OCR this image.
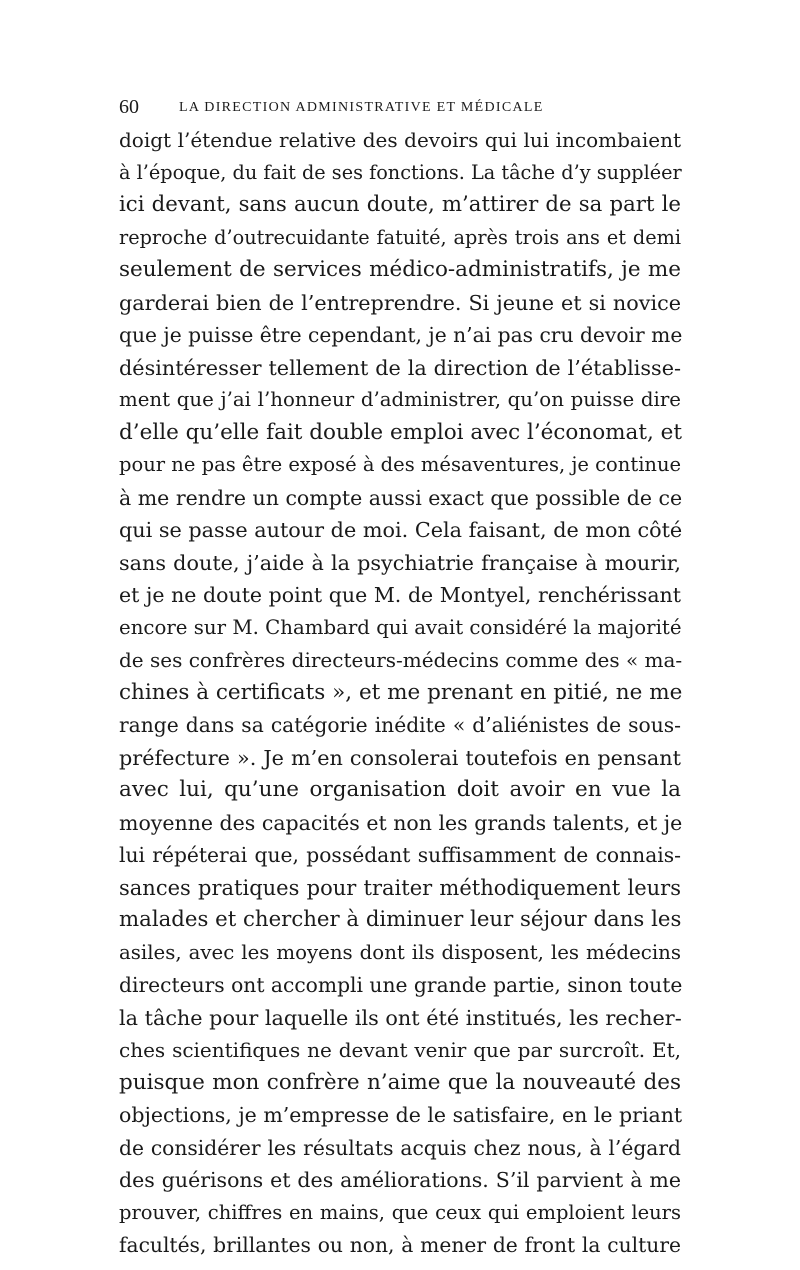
60	LA DIRECTION ADMINISTRATIVE ET MÉDICALE
doigt l’étendue relative des devoirs qui lui incombaient
à l’époque, du fait de ses fonctions. La tâche d’y suppléer
ici devant, sans aucun doute, m’attirer de sa part le
reproche d’outrecuidante fatuité, après trois ans et demi
seulement de services médico-administratifs, je me
garderai bien de l’entreprendre. Si jeune et si novice
que je puisse être cependant, je n’ai pas cru devoir me
désintéresser tellement de la direction de l’établisse-
ment que j’ai l’honneur d’administrer, qu’on puisse dire
d’elle qu’elle fait double emploi avec l’économat, et
pour ne pas être exposé à des mésaventures, je continue
à me rendre un compte aussi exact que possible de ce
qui se passe autour de moi. Cela faisant, de mon côté
sans doute, j’aide à la psychiatrie française à mourir,
et je ne doute point que M. de Montyel, renchérissant
encore sur M. Chambard qui avait considéré la majorité
de ses confrères directeurs-médecins comme des « ma-
chines à certificats », et me prenant en pitié, ne me
range dans sa catégorie inédite « d’aliénistes de sous-
préfecture ». Je m’en consolerai toutefois en pensant
avec lui, qu’une organisation doit avoir en vue la
moyenne des capacités et non les grands talents, et je
lui répéterai que, possédant suffisamment de connais-
sances pratiques pour traiter méthodiquement leurs
malades et chercher à diminuer leur séjour dans les
asiles, avec les moyens dont ils disposent, les médecins
directeurs ont accompli une grande partie, sinon toute
la tâche pour laquelle ils ont été institués, les recher-
ches scientifiques ne devant venir que par surcroît. Et,
puisque mon confrère n’aime que la nouveauté des
objections, je m’empresse de le satisfaire, en le priant
de considérer les résultats acquis chez nous, à l’égard
des guérisons et des améliorations. S’il parvient à me
prouver, chiffres en mains, que ceux qui emploient leurs
facultés, brillantes ou non, à mener de front la culture
